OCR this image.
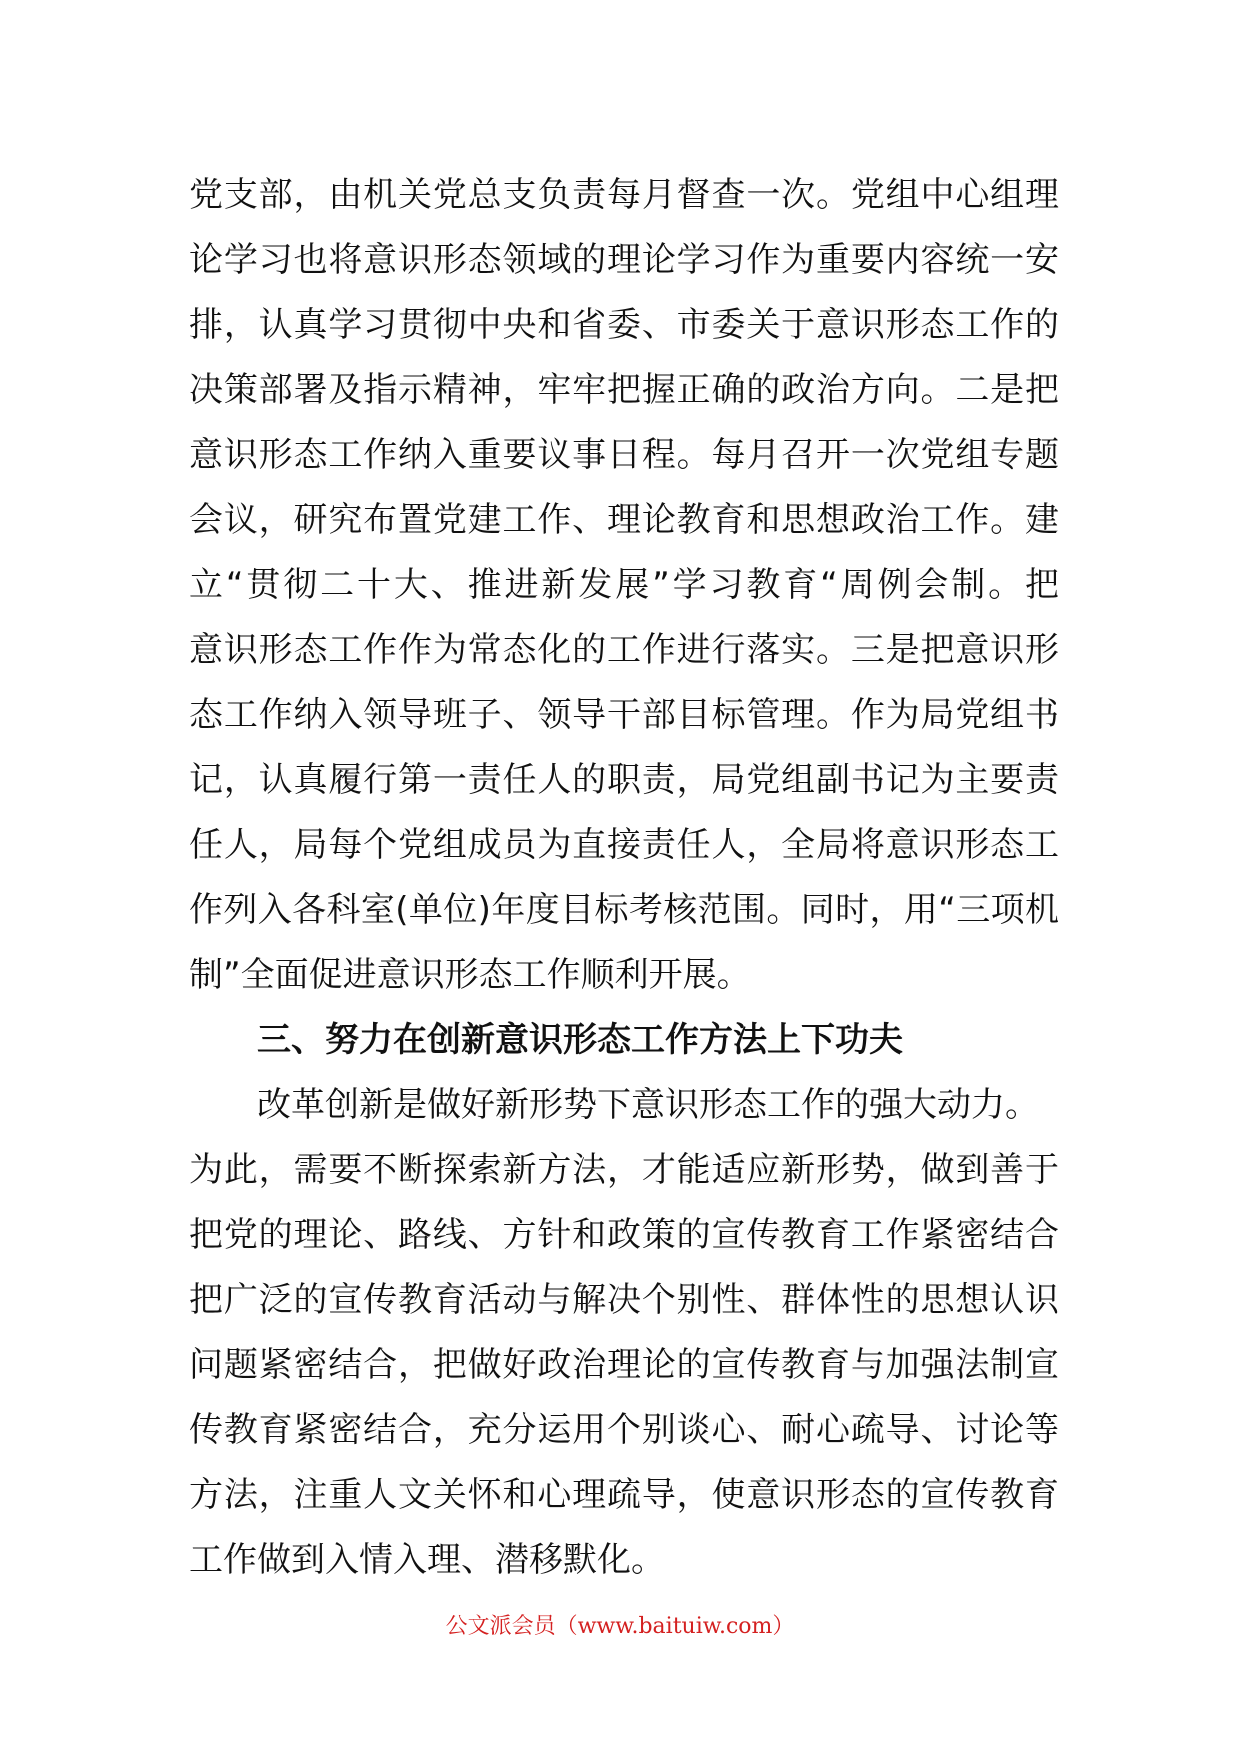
党支部，由机关党总支负责每月督查一次。党组中心组理
论学习也将意识形态领域的理论学习作为重要内容统一安
排，认真学习贯彻中央和省委、市委关于意识形态工作的
决策部署及指示精神，牢牢把握正确的政治方向。二是把
意识形态工作纳入重要议事日程。每月召开一次党组专题
会议，研究布置党建工作、理论教育和思想政治工作。建
立“贯彻二十大、推进新发展”学习教育“周例会制。把
意识形态工作作为常态化的工作进行落实。三是把意识形
态工作纳入领导班子、领导干部目标管理。作为局党组书
记，认真履行第一责任人的职责，局党组副书记为主要责
任人，局每个党组成员为直接责任人，全局将意识形态工
作列入各科室(单位)年度目标考核范围。同时，用“三项机
制”全面促进意识形态工作顺利开展。
三、努力在创新意识形态工作方法上下功夫
改革创新是做好新形势下意识形态工作的强大动力。
为此，需要不断探索新方法，才能适应新形势，做到善于
把党的理论、路线、方针和政策的宣传教育工作紧密结合
把广泛的宣传教育活动与解决个别性、群体性的思想认识
问题紧密结合，把做好政治理论的宣传教育与加强法制宣
传教育紧密结合，充分运用个别谈心、耐心疏导、讨论等
方法，注重人文关怀和心理疏导，使意识形态的宣传教育
工作做到入情入理、潜移默化。
公文派会员（www.baituiw.com）
